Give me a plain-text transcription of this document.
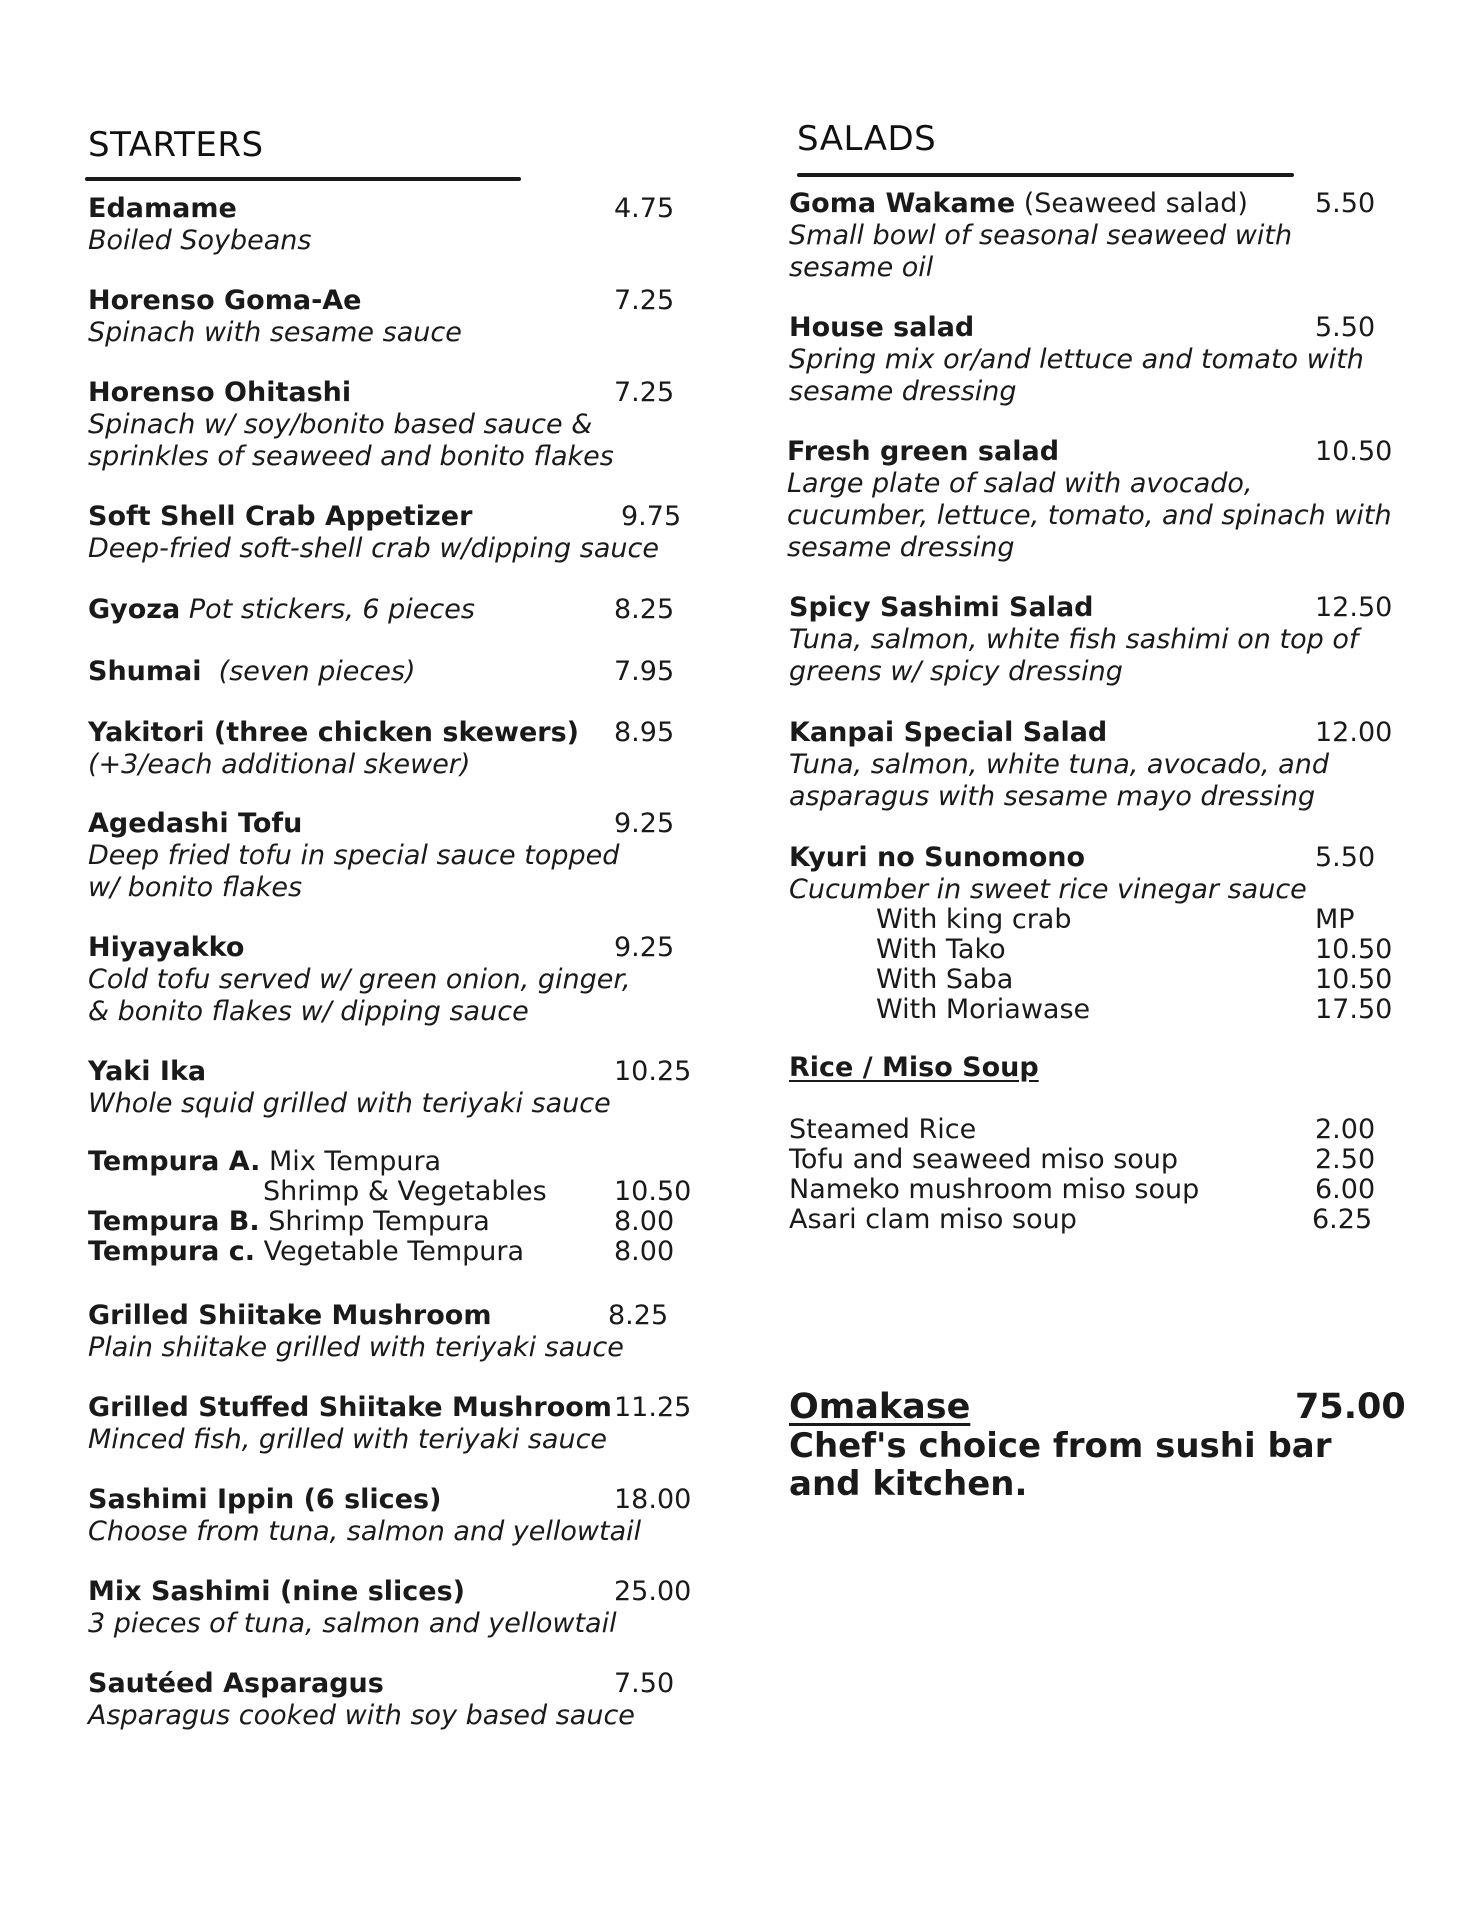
STARTERS
Edamame	4.75
Boiled Soybeans
Horenso Goma-Ae	7.25
Spinach with sesame sauce
Horenso Ohitashi	7.25
Spinach w/ soy/bonito based sauce &
sprinkles of seaweed and bonito flakes
Soft Shell Crab Appetizer	9.75
Deep-fried soft-shell crab w/dipping sauce
Gyoza Pot stickers, 6 pieces	8.25
Shumai (seven pieces)	7.95
Yakitori (three chicken skewers) 8.95
(+3/each additional skewer)
Agedashi Tofu	9.25
Deep fried tofu in special sauce topped
w/ bonito flakes
Hiyayakko	9.25
Cold tofu served w/ green onion, ginger,
& bonito flakes w/ dipping sauce
Yaki Ika	10.25
Whole squid grilled with teriyaki sauce
Tempura A. Mix Tempura
Shrimp & Vegetables 10.50
Tempura B. Shrimp Tempura	8.00
Tempura c. Vegetable Tempura	8.00
Grilled Shiitake Mushroom	8.25
Plain shiitake grilled with teriyaki sauce
Grilled Stuffed Shiitake Mushroom 11.25
Minced fish, grilled with teriyaki sauce
Sashimi Ippin (6 slices)	18.00
Choose from tuna, salmon and yellowtail
Mix Sashimi (nine slices)	25.00
3 pieces of tuna, salmon and yellowtail
Sautéed Asparagus	7.50
Asparagus cooked with soy based sauce
SALADS
Goma Wakame (Seaweed salad) 5.50
Small bowl of seasonal seaweed with
sesame oil
House salad	5.50
Spring mix or/and lettuce and tomato with
sesame dressing
Fresh green salad	10.50
Large plate of salad with avocado,
cucumber, lettuce, tomato, and spinach with
sesame dressing
Spicy Sashimi Salad	12.50
Tuna, salmon, white fish sashimi on top of
greens w/ spicy dressing
Kanpai Special Salad	12.00
Tuna, salmon, white tuna, avocado, and
asparagus with sesame mayo dressing
Kyuri no Sunomono	5.50
Cucumber in sweet rice vinegar sauce
With king crab	MP
With Tako	10.50
With Saba	10.50
With Moriawase	17.50
Rice / Miso Soup
Steamed Rice	2.00
Tofu and seaweed miso soup	2.50
Nameko mushroom miso soup	6.00
Asari clam miso soup	6.25
Omakase	75.00
Chef's choice from sushi bar and kitchen.
